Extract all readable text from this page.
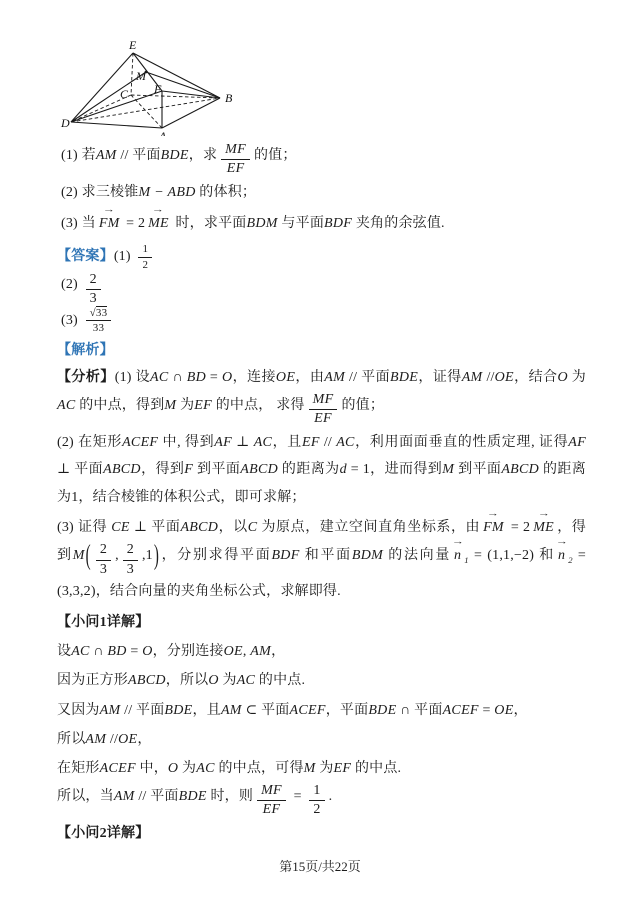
E
M
C F
B
D
A
(1) 若AM // 平面BDE，求 $\frac{MF}{EF}$ 的值；
(2) 求三棱锥M − ABD 的体积；
(3) 当 FM → = 2 ME → 时，求平面BDM 与平面BDF 夹角的余弦值.
【答案】$(1) \frac{1}{2}$
$(2) \frac{2}{3}$
$(3) \frac{√33}{33}$
【解析】
【分析】(1) 设AC ∩ BD = O，连接OE，由AM // 平面BDE，证得AM //OE，结合O 为AC 的中点，得到M 为EF 的中点， 求得 $\frac{MF}{EF}$ 的值；
(2) 在矩形ACEF 中, 得到AF ⊥ AC，且EF // AC，利用面面垂直的性质定理, 证得AF ⊥ 平面ABCD，得到F 到平面ABCD 的距离为d = 1，进而得到M 到平面ABCD 的距离为1，结合棱锥的体积公式，即可求解；
(3) 证得 CE ⊥ 平面ABCD，以C 为原点，建立空间直角坐标系，由 FM → = 2 ME → ，得到$M( \frac{2}{3}$ , $\frac{2}{3} ,1$)，分别求得平面BDF 和平面BDM 的法向量 n → $_1$ = (1,1,−2) 和 n → $_2$ = (3,3,2)，结合向量的夹角坐标公式，求解即得.
【小问1详解】
设AC ∩ BD = O，分别连接OE, AM，
因为正方形ABCD，所以O 为AC 的中点.
又因为AM // 平面BDE，且AM ⊂ 平面ACEF，平面BDE ∩ 平面ACEF = OE，
所以AM //OE，
在矩形ACEF 中，O 为AC 的中点，可得M 为EF 的中点.
所以，当AM // 平面BDE 时，则 $\frac{MF}{EF} = \frac{1}{2}$ .
【小问2详解】
第15页/共22页
